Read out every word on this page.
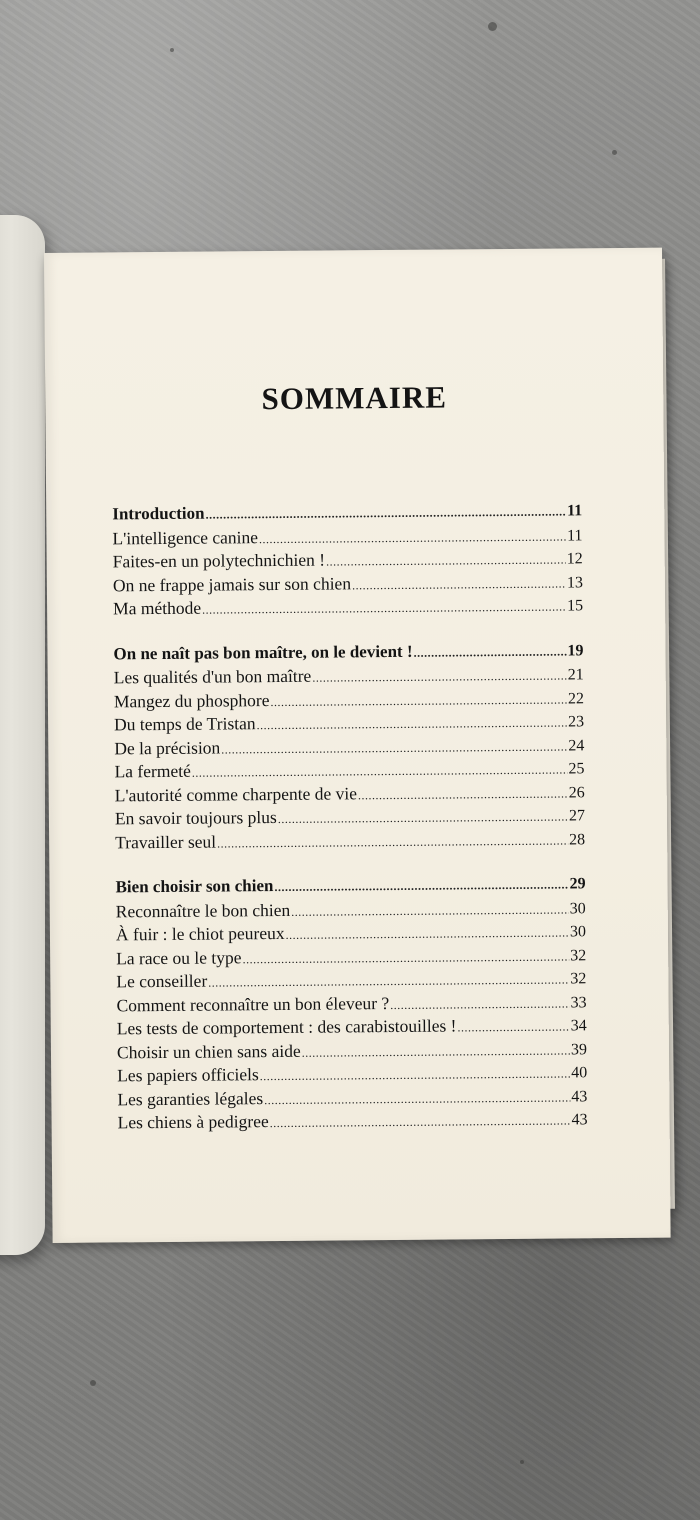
SOMMAIRE
Introduction .....	11
L'intelligence canine .....	11
Faites-en un polytechnichien ! .....	12
On ne frappe jamais sur son chien .....	13
Ma méthode .....	15
On ne naît pas bon maître, on le devient ! .....	19
Les qualités d'un bon maître .....	21
Mangez du phosphore .....	22
Du temps de Tristan .....	23
De la précision .....	24
La fermeté .....	25
L'autorité comme charpente de vie .....	26
En savoir toujours plus .....	27
Travailler seul .....	28
Bien choisir son chien .....	29
Reconnaître le bon chien .....	30
À fuir : le chiot peureux .....	30
La race ou le type .....	32
Le conseiller .....	32
Comment reconnaître un bon éleveur ? .....	33
Les tests de comportement : des carabistouilles ! .....	34
Choisir un chien sans aide .....	39
Les papiers officiels .....	40
Les garanties légales .....	43
Les chiens à pedigree .....	43
